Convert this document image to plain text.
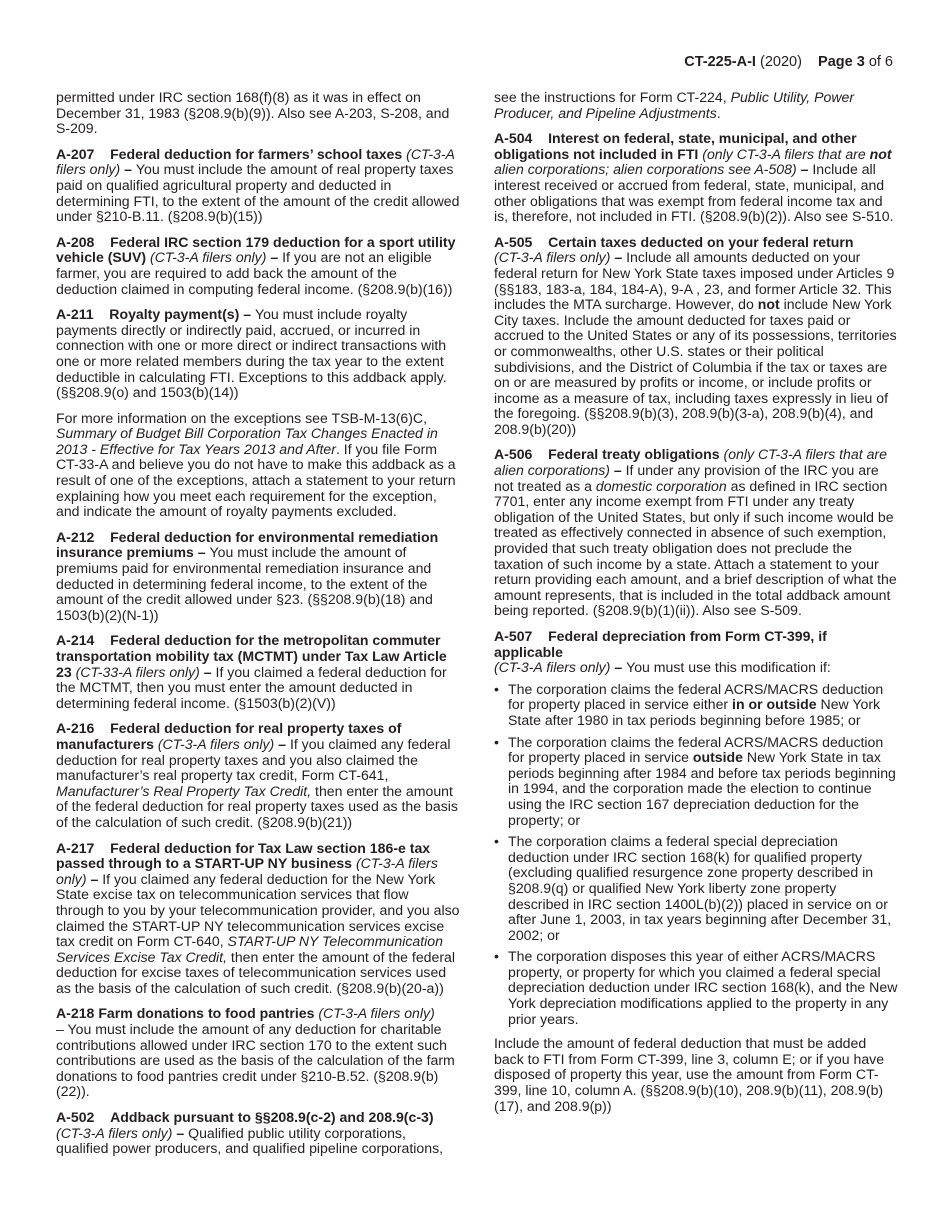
CT-225-A-I (2020) Page 3 of 6

permitted under IRC section 168(f)(8) as it was in effect on December 31, 1983 (§208.9(b)(9)). Also see A-203, S-208, and S-209.

A-207 Federal deduction for farmers’ school taxes (CT-3-A filers only) – You must include the amount of real property taxes paid on qualified agricultural property and deducted in determining FTI, to the extent of the amount of the credit allowed under §210-B.11. (§208.9(b)(15))

A-208 Federal IRC section 179 deduction for a sport utility vehicle (SUV) (CT-3-A filers only) – If you are not an eligible farmer, you are required to add back the amount of the deduction claimed in computing federal income. (§208.9(b)(16))

A-211 Royalty payment(s) – You must include royalty payments directly or indirectly paid, accrued, or incurred in connection with one or more direct or indirect transactions with one or more related members during the tax year to the extent deductible in calculating FTI. Exceptions to this addback apply. (§§208.9(o) and 1503(b)(14))

For more information on the exceptions see TSB-M-13(6)C, Summary of Budget Bill Corporation Tax Changes Enacted in 2013 - Effective for Tax Years 2013 and After. If you file Form CT-33-A and believe you do not have to make this addback as a result of one of the exceptions, attach a statement to your return explaining how you meet each requirement for the exception, and indicate the amount of royalty payments excluded.

A-212 Federal deduction for environmental remediation insurance premiums – You must include the amount of premiums paid for environmental remediation insurance and deducted in determining federal income, to the extent of the amount of the credit allowed under §23. (§§208.9(b)(18) and 1503(b)(2)(N-1))

A-214 Federal deduction for the metropolitan commuter transportation mobility tax (MCTMT) under Tax Law Article 23 (CT-33-A filers only) – If you claimed a federal deduction for the MCTMT, then you must enter the amount deducted in determining federal income. (§1503(b)(2)(V))

A-216 Federal deduction for real property taxes of manufacturers (CT-3-A filers only) – If you claimed any federal deduction for real property taxes and you also claimed the manufacturer’s real property tax credit, Form CT-641, Manufacturer’s Real Property Tax Credit, then enter the amount of the federal deduction for real property taxes used as the basis of the calculation of such credit. (§208.9(b)(21))

A-217 Federal deduction for Tax Law section 186-e tax passed through to a START-UP NY business (CT-3-A filers only) – If you claimed any federal deduction for the New York State excise tax on telecommunication services that flow through to you by your telecommunication provider, and you also claimed the START-UP NY telecommunication services excise tax credit on Form CT-640, START-UP NY Telecommunication Services Excise Tax Credit, then enter the amount of the federal deduction for excise taxes of telecommunication services used as the basis of the calculation of such credit. (§208.9(b)(20-a))

A-218 Farm donations to food pantries (CT-3-A filers only)
– You must include the amount of any deduction for charitable contributions allowed under IRC section 170 to the extent such contributions are used as the basis of the calculation of the farm donations to food pantries credit under §210-B.52. (§208.9(b)(22)).

A-502 Addback pursuant to §§208.9(c-2) and 208.9(c-3)
(CT-3-A filers only) – Qualified public utility corporations, qualified power producers, and qualified pipeline corporations,

see the instructions for Form CT-224, Public Utility, Power Producer, and Pipeline Adjustments.

A-504 Interest on federal, state, municipal, and other obligations not included in FTI (only CT-3-A filers that are not alien corporations; alien corporations see A-508) – Include all interest received or accrued from federal, state, municipal, and other obligations that was exempt from federal income tax and is, therefore, not included in FTI. (§208.9(b)(2)). Also see S-510.

A-505 Certain taxes deducted on your federal return
(CT-3-A filers only) – Include all amounts deducted on your federal return for New York State taxes imposed under Articles 9 (§§183, 183-a, 184, 184-A), 9-A , 23, and former Article 32. This includes the MTA surcharge. However, do not include New York City taxes. Include the amount deducted for taxes paid or accrued to the United States or any of its possessions, territories or commonwealths, other U.S. states or their political subdivisions, and the District of Columbia if the tax or taxes are on or are measured by profits or income, or include profits or income as a measure of tax, including taxes expressly in lieu of the foregoing. (§§208.9(b)(3), 208.9(b)(3-a), 208.9(b)(4), and 208.9(b)(20))

A-506 Federal treaty obligations (only CT-3-A filers that are alien corporations) – If under any provision of the IRC you are not treated as a domestic corporation as defined in IRC section 7701, enter any income exempt from FTI under any treaty obligation of the United States, but only if such income would be treated as effectively connected in absence of such exemption, provided that such treaty obligation does not preclude the taxation of such income by a state. Attach a statement to your return providing each amount, and a brief description of what the amount represents, that is included in the total addback amount being reported. (§208.9(b)(1)(ii)). Also see S-509.

A-507 Federal depreciation from Form CT-399, if applicable
(CT-3-A filers only) – You must use this modification if:

• The corporation claims the federal ACRS/MACRS deduction for property placed in service either in or outside New York State after 1980 in tax periods beginning before 1985; or
• The corporation claims the federal ACRS/MACRS deduction for property placed in service outside New York State in tax periods beginning after 1984 and before tax periods beginning in 1994, and the corporation made the election to continue using the IRC section 167 depreciation deduction for the property; or
• The corporation claims a federal special depreciation deduction under IRC section 168(k) for qualified property (excluding qualified resurgence zone property described in §208.9(q) or qualified New York liberty zone property described in IRC section 1400L(b)(2)) placed in service on or after June 1, 2003, in tax years beginning after December 31, 2002; or
• The corporation disposes this year of either ACRS/MACRS property, or property for which you claimed a federal special depreciation deduction under IRC section 168(k), and the New York depreciation modifications applied to the property in any prior years.

Include the amount of federal deduction that must be added back to FTI from Form CT-399, line 3, column E; or if you have disposed of property this year, use the amount from Form CT-399, line 10, column A. (§§208.9(b)(10), 208.9(b)(11), 208.9(b)(17), and 208.9(p))
